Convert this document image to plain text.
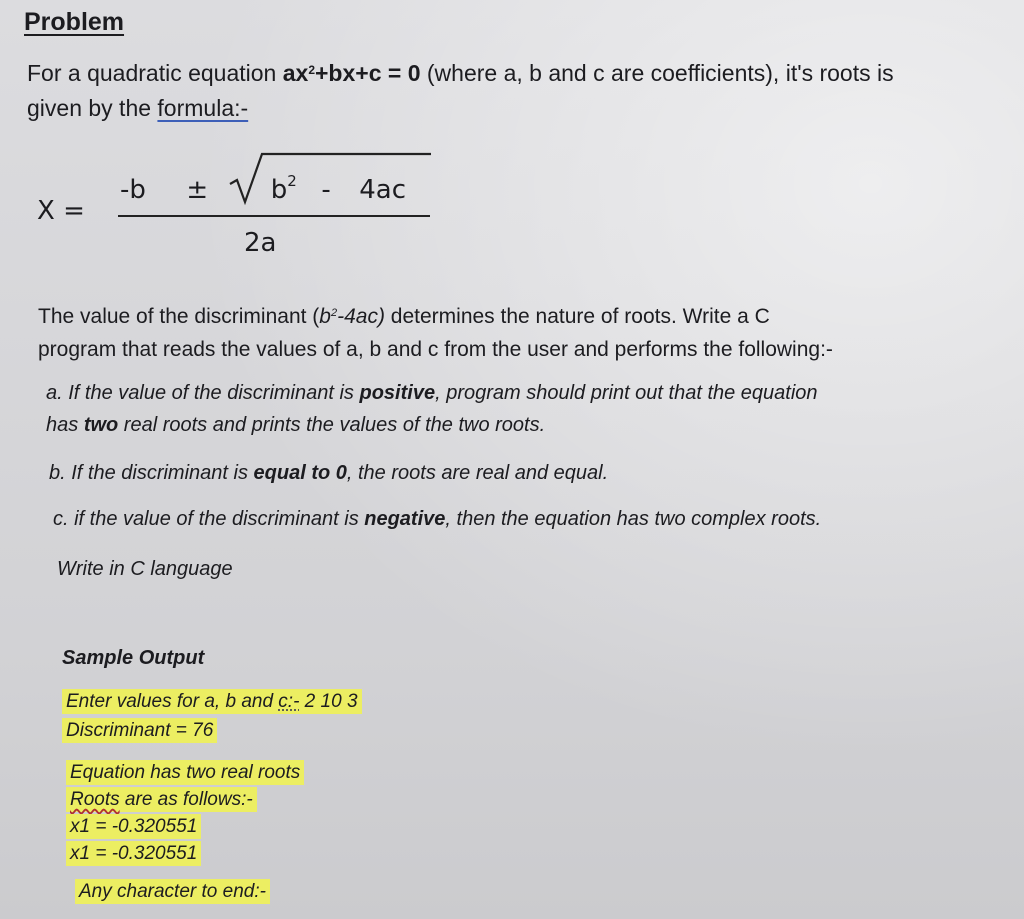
Problem
For a quadratic equation $ax^2+bx+c = 0$ (where a, b and c are coefficients), it's roots is
given by the formula:-
X =
-b ± b2 - 4ac
2a
The value of the discriminant $(b^2-4ac)$ determines the nature of roots. Write a C
program that reads the values of a, b and c from the user and performs the following:-
a. If the value of the discriminant is positive, program should print out that the equation
has two real roots and prints the values of the two roots.
b. If the discriminant is equal to 0, the roots are real and equal.
c. if the value of the discriminant is negative, then the equation has two complex roots.
Write in C language
Sample Output
Enter values for a, b and c:- 2 10 3
Discriminant = 76
Equation has two real roots
Roots are as follows:-
x1 = -0.320551
x1 = -0.320551
Any character to end:-
